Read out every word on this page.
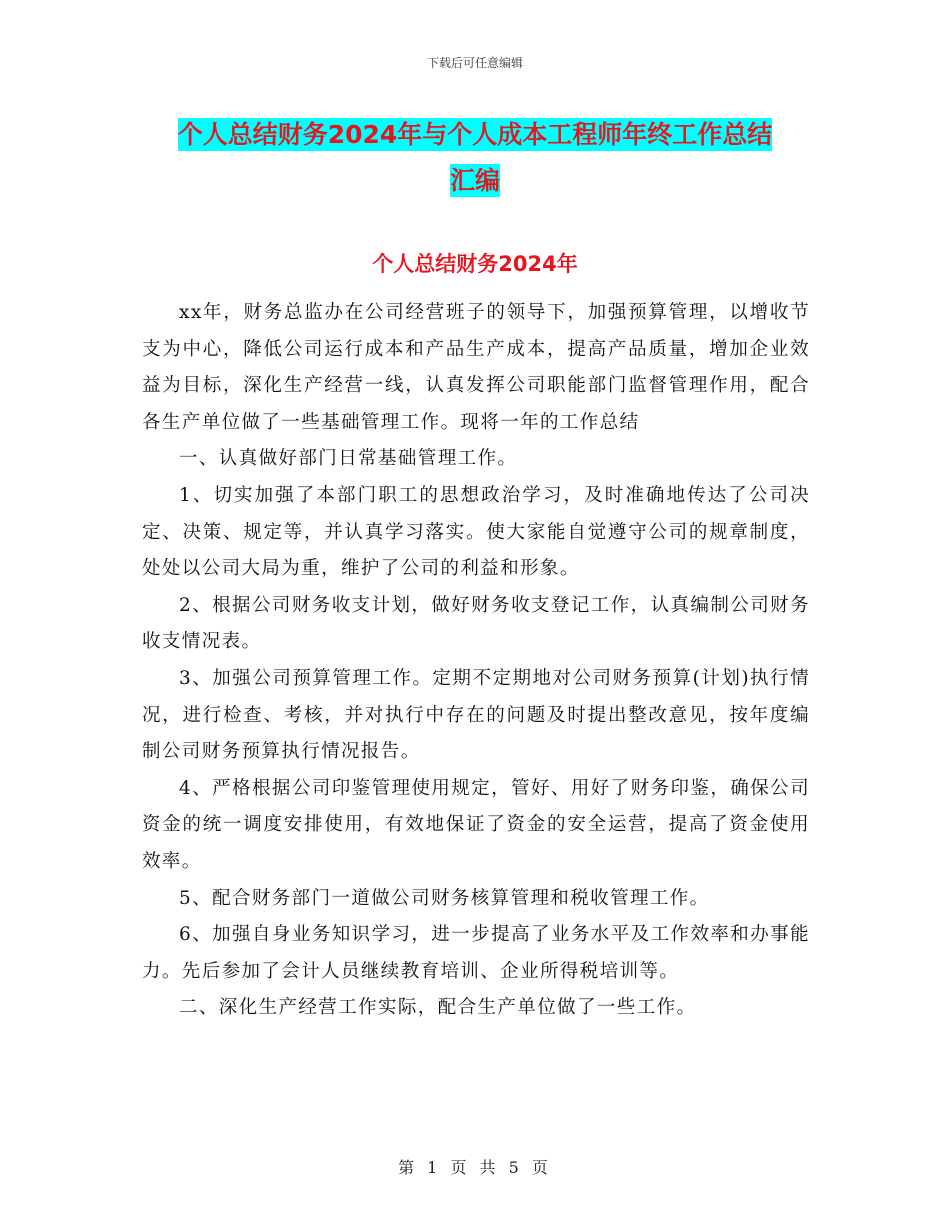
下载后可任意编辑
个人总结财务2024年与个人成本工程师年终工作总结
汇编
个人总结财务2024年

xx年，财务总监办在公司经营班子的领导下，加强预算管理，以增收节支为中心，降低公司运行成本和产品生产成本，提高产品质量，增加企业效益为目标，深化生产经营一线，认真发挥公司职能部门监督管理作用，配合各生产单位做了一些基础管理工作。现将一年的工作总结

一、认真做好部门日常基础管理工作。

1、切实加强了本部门职工的思想政治学习，及时准确地传达了公司决定、决策、规定等，并认真学习落实。使大家能自觉遵守公司的规章制度，处处以公司大局为重，维护了公司的利益和形象。

2、根据公司财务收支计划，做好财务收支登记工作，认真编制公司财务收支情况表。

3、加强公司预算管理工作。定期不定期地对公司财务预算(计划)执行情况，进行检查、考核，并对执行中存在的问题及时提出整改意见，按年度编制公司财务预算执行情况报告。

4、严格根据公司印鉴管理使用规定，管好、用好了财务印鉴，确保公司资金的统一调度安排使用，有效地保证了资金的安全运营，提高了资金使用效率。

5、配合财务部门一道做公司财务核算管理和税收管理工作。

6、加强自身业务知识学习，进一步提高了业务水平及工作效率和办事能力。先后参加了会计人员继续教育培训、企业所得税培训等。

二、深化生产经营工作实际，配合生产单位做了一些工作。

第 1 页 共 5 页
